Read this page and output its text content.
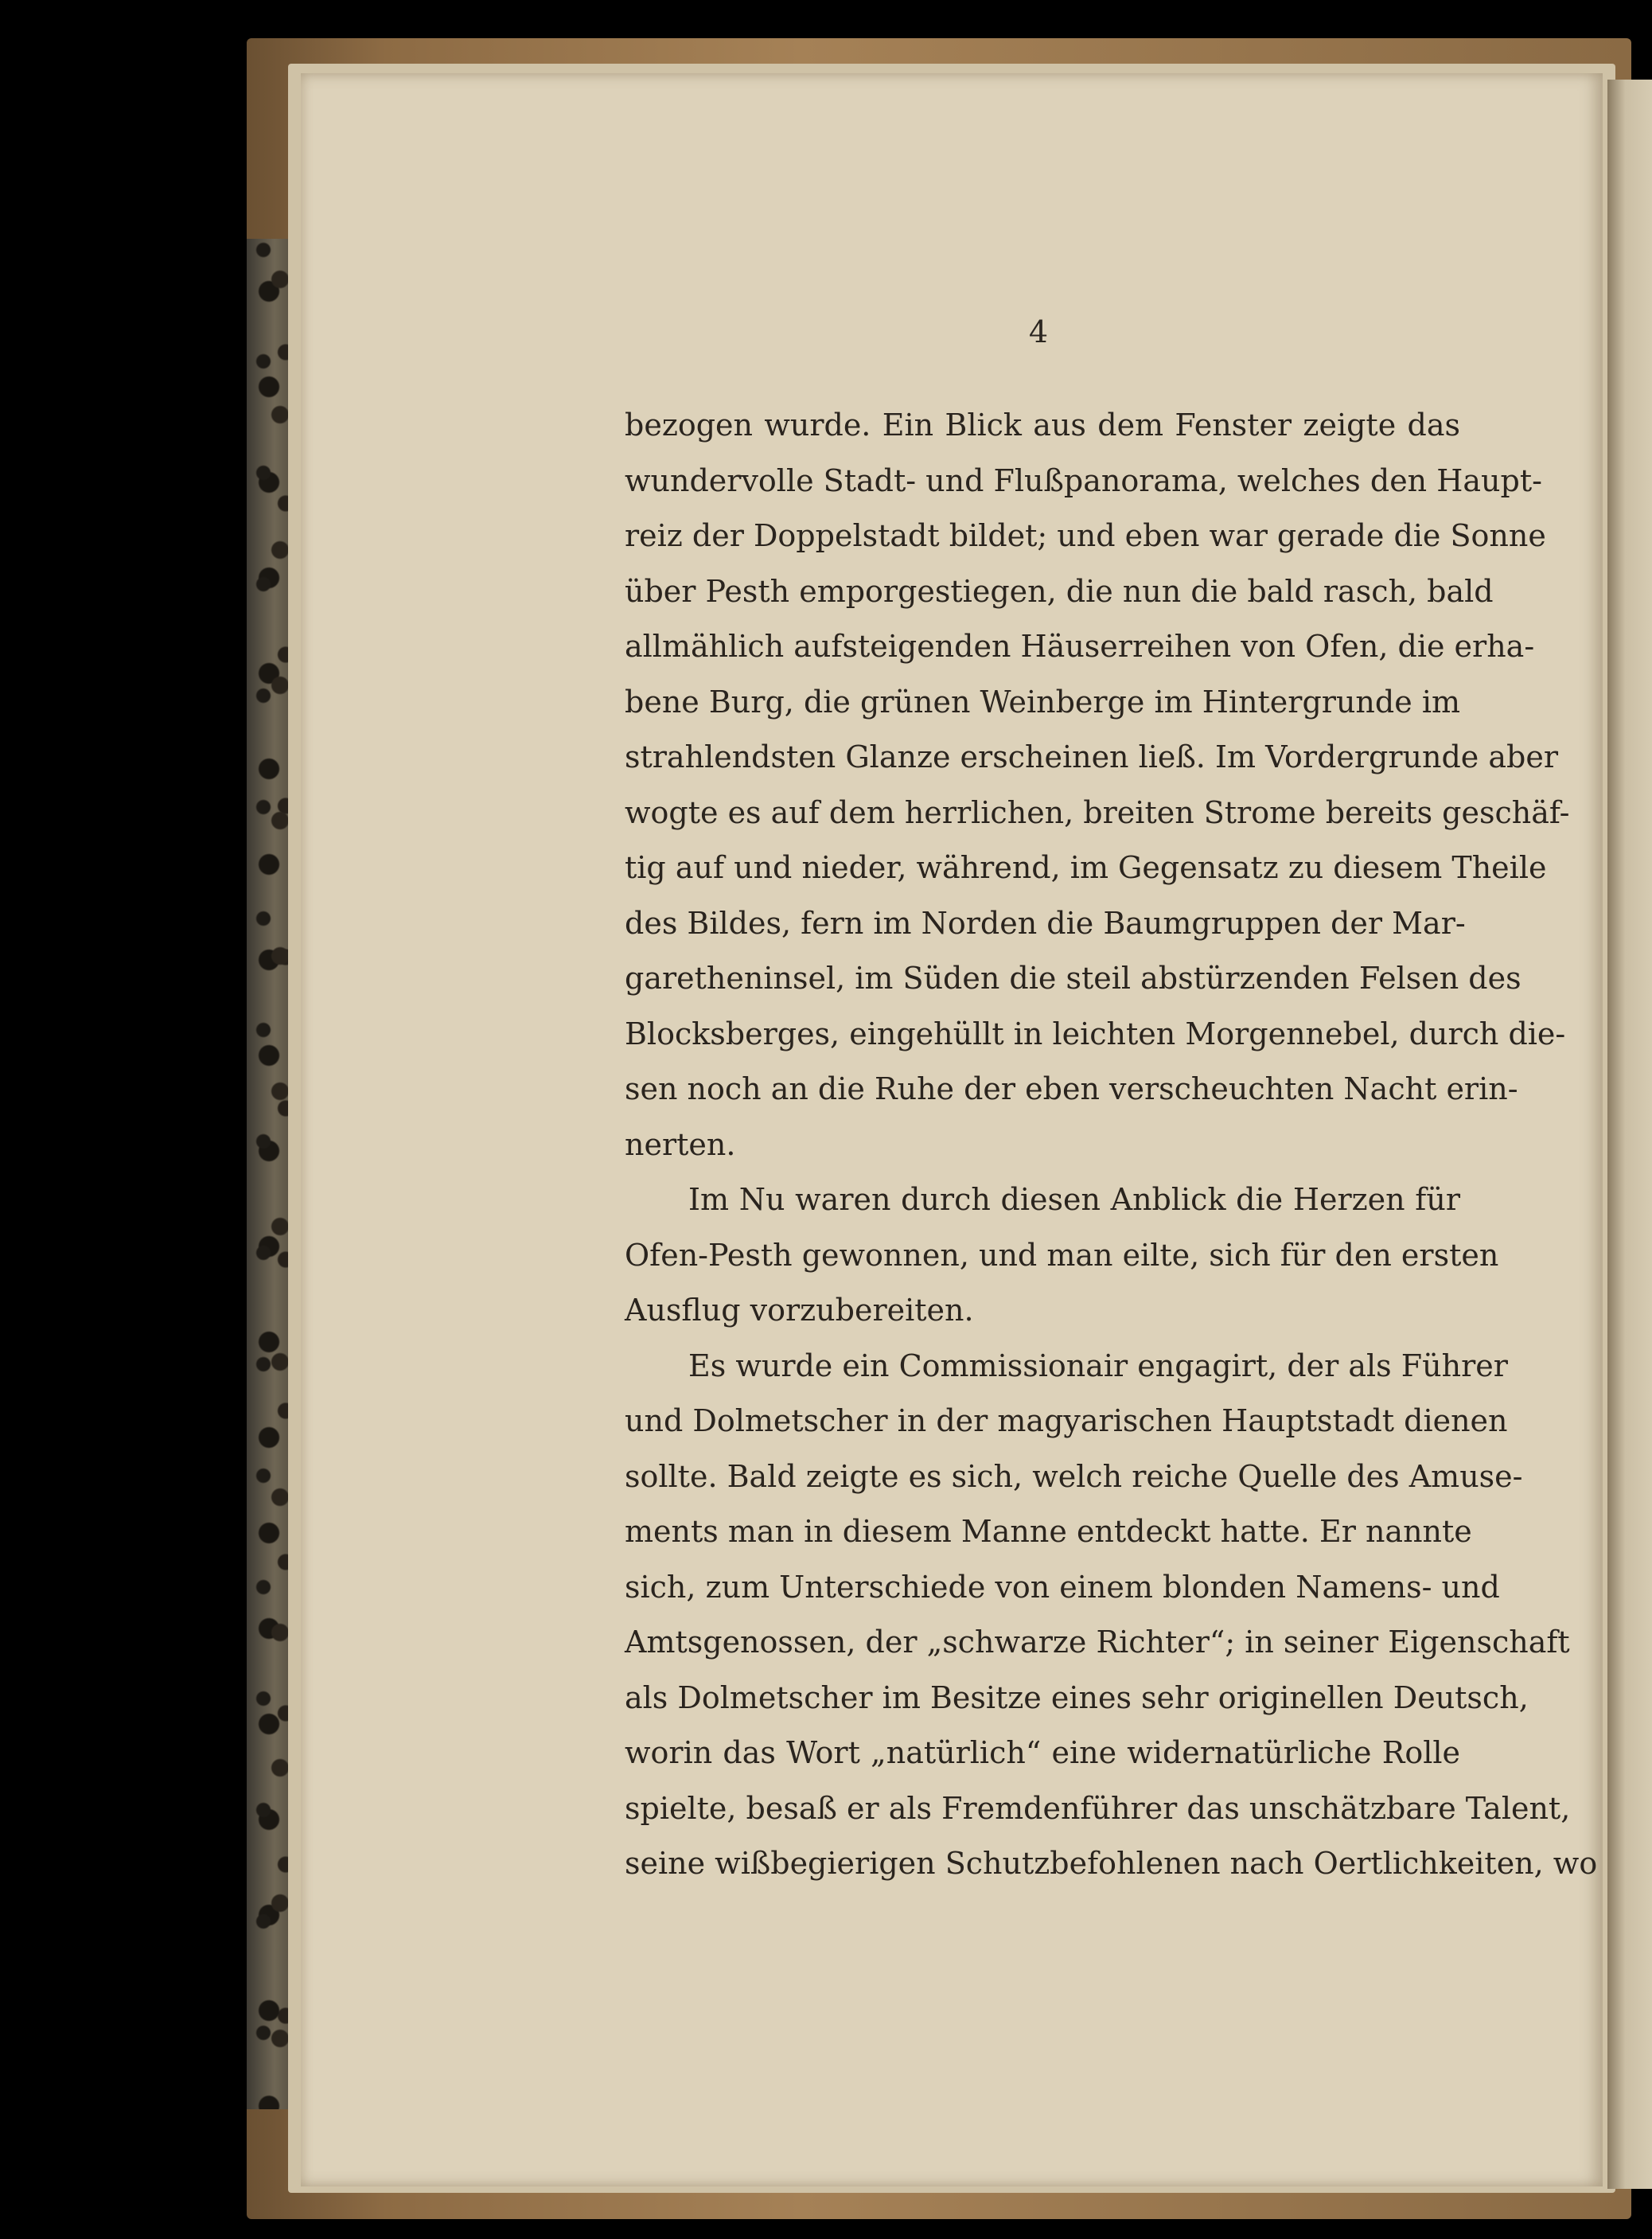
4
bezogen wurde. Ein Blick aus dem Fenster zeigte das
wundervolle Stadt- und Flußpanorama, welches den Haupt-
reiz der Doppelstadt bildet; und eben war gerade die Sonne
über Pesth emporgestiegen, die nun die bald rasch, bald
allmählich aufsteigenden Häuserreihen von Ofen, die erha-
bene Burg, die grünen Weinberge im Hintergrunde im
strahlendsten Glanze erscheinen ließ. Im Vordergrunde aber
wogte es auf dem herrlichen, breiten Strome bereits geschäf-
tig auf und nieder, während, im Gegensatz zu diesem Theile
des Bildes, fern im Norden die Baumgruppen der Mar-
garetheninsel, im Süden die steil abstürzenden Felsen des
Blocksberges, eingehüllt in leichten Morgennebel, durch die-
sen noch an die Ruhe der eben verscheuchten Nacht erin-
nerten.
Im Nu waren durch diesen Anblick die Herzen für
Ofen-Pesth gewonnen, und man eilte, sich für den ersten
Ausflug vorzubereiten.
Es wurde ein Commissionair engagirt, der als Führer
und Dolmetscher in der magyarischen Hauptstadt dienen
sollte. Bald zeigte es sich, welch reiche Quelle des Amuse-
ments man in diesem Manne entdeckt hatte. Er nannte
sich, zum Unterschiede von einem blonden Namens- und
Amtsgenossen, der „schwarze Richter“; in seiner Eigenschaft
als Dolmetscher im Besitze eines sehr originellen Deutsch,
worin das Wort „natürlich“ eine widernatürliche Rolle
spielte, besaß er als Fremdenführer das unschätzbare Talent,
seine wißbegierigen Schutzbefohlenen nach Oertlichkeiten, wo
